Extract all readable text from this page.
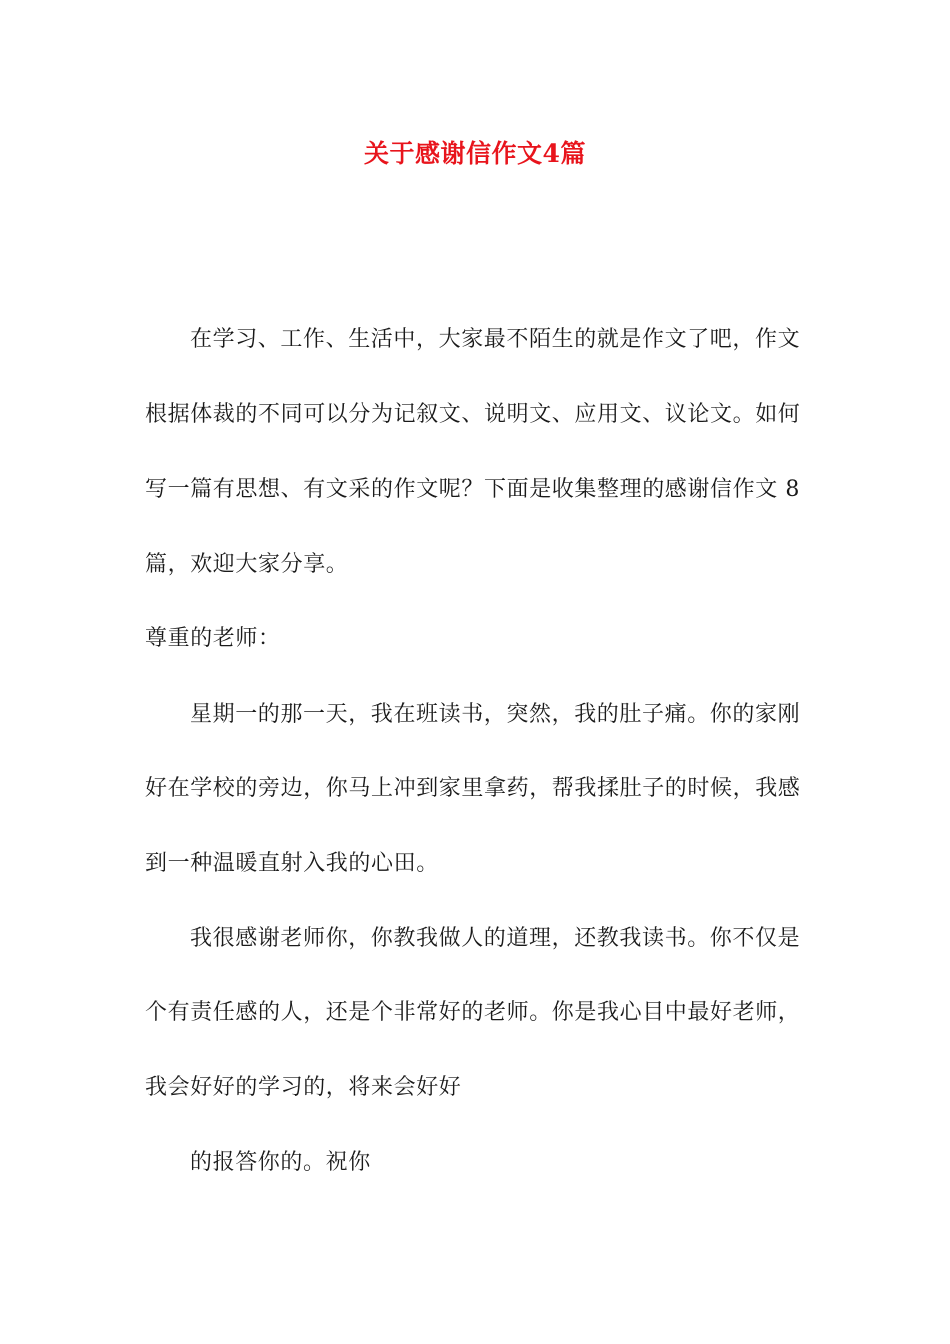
关于感谢信作文4篇
在学习、工作、生活中，大家最不陌生的就是作文了吧，作文
根据体裁的不同可以分为记叙文、说明文、应用文、议论文。如何
写一篇有思想、有文采的作文呢？下面是收集整理的感谢信作文 8
篇，欢迎大家分享。
尊重的老师：
星期一的那一天，我在班读书，突然，我的肚子痛。你的家刚
好在学校的旁边，你马上冲到家里拿药，帮我揉肚子的时候，我感
到一种温暖直射入我的心田。
我很感谢老师你，你教我做人的道理，还教我读书。你不仅是
个有责任感的人，还是个非常好的老师。你是我心目中最好老师，
我会好好的学习的，将来会好好
的报答你的。祝你
